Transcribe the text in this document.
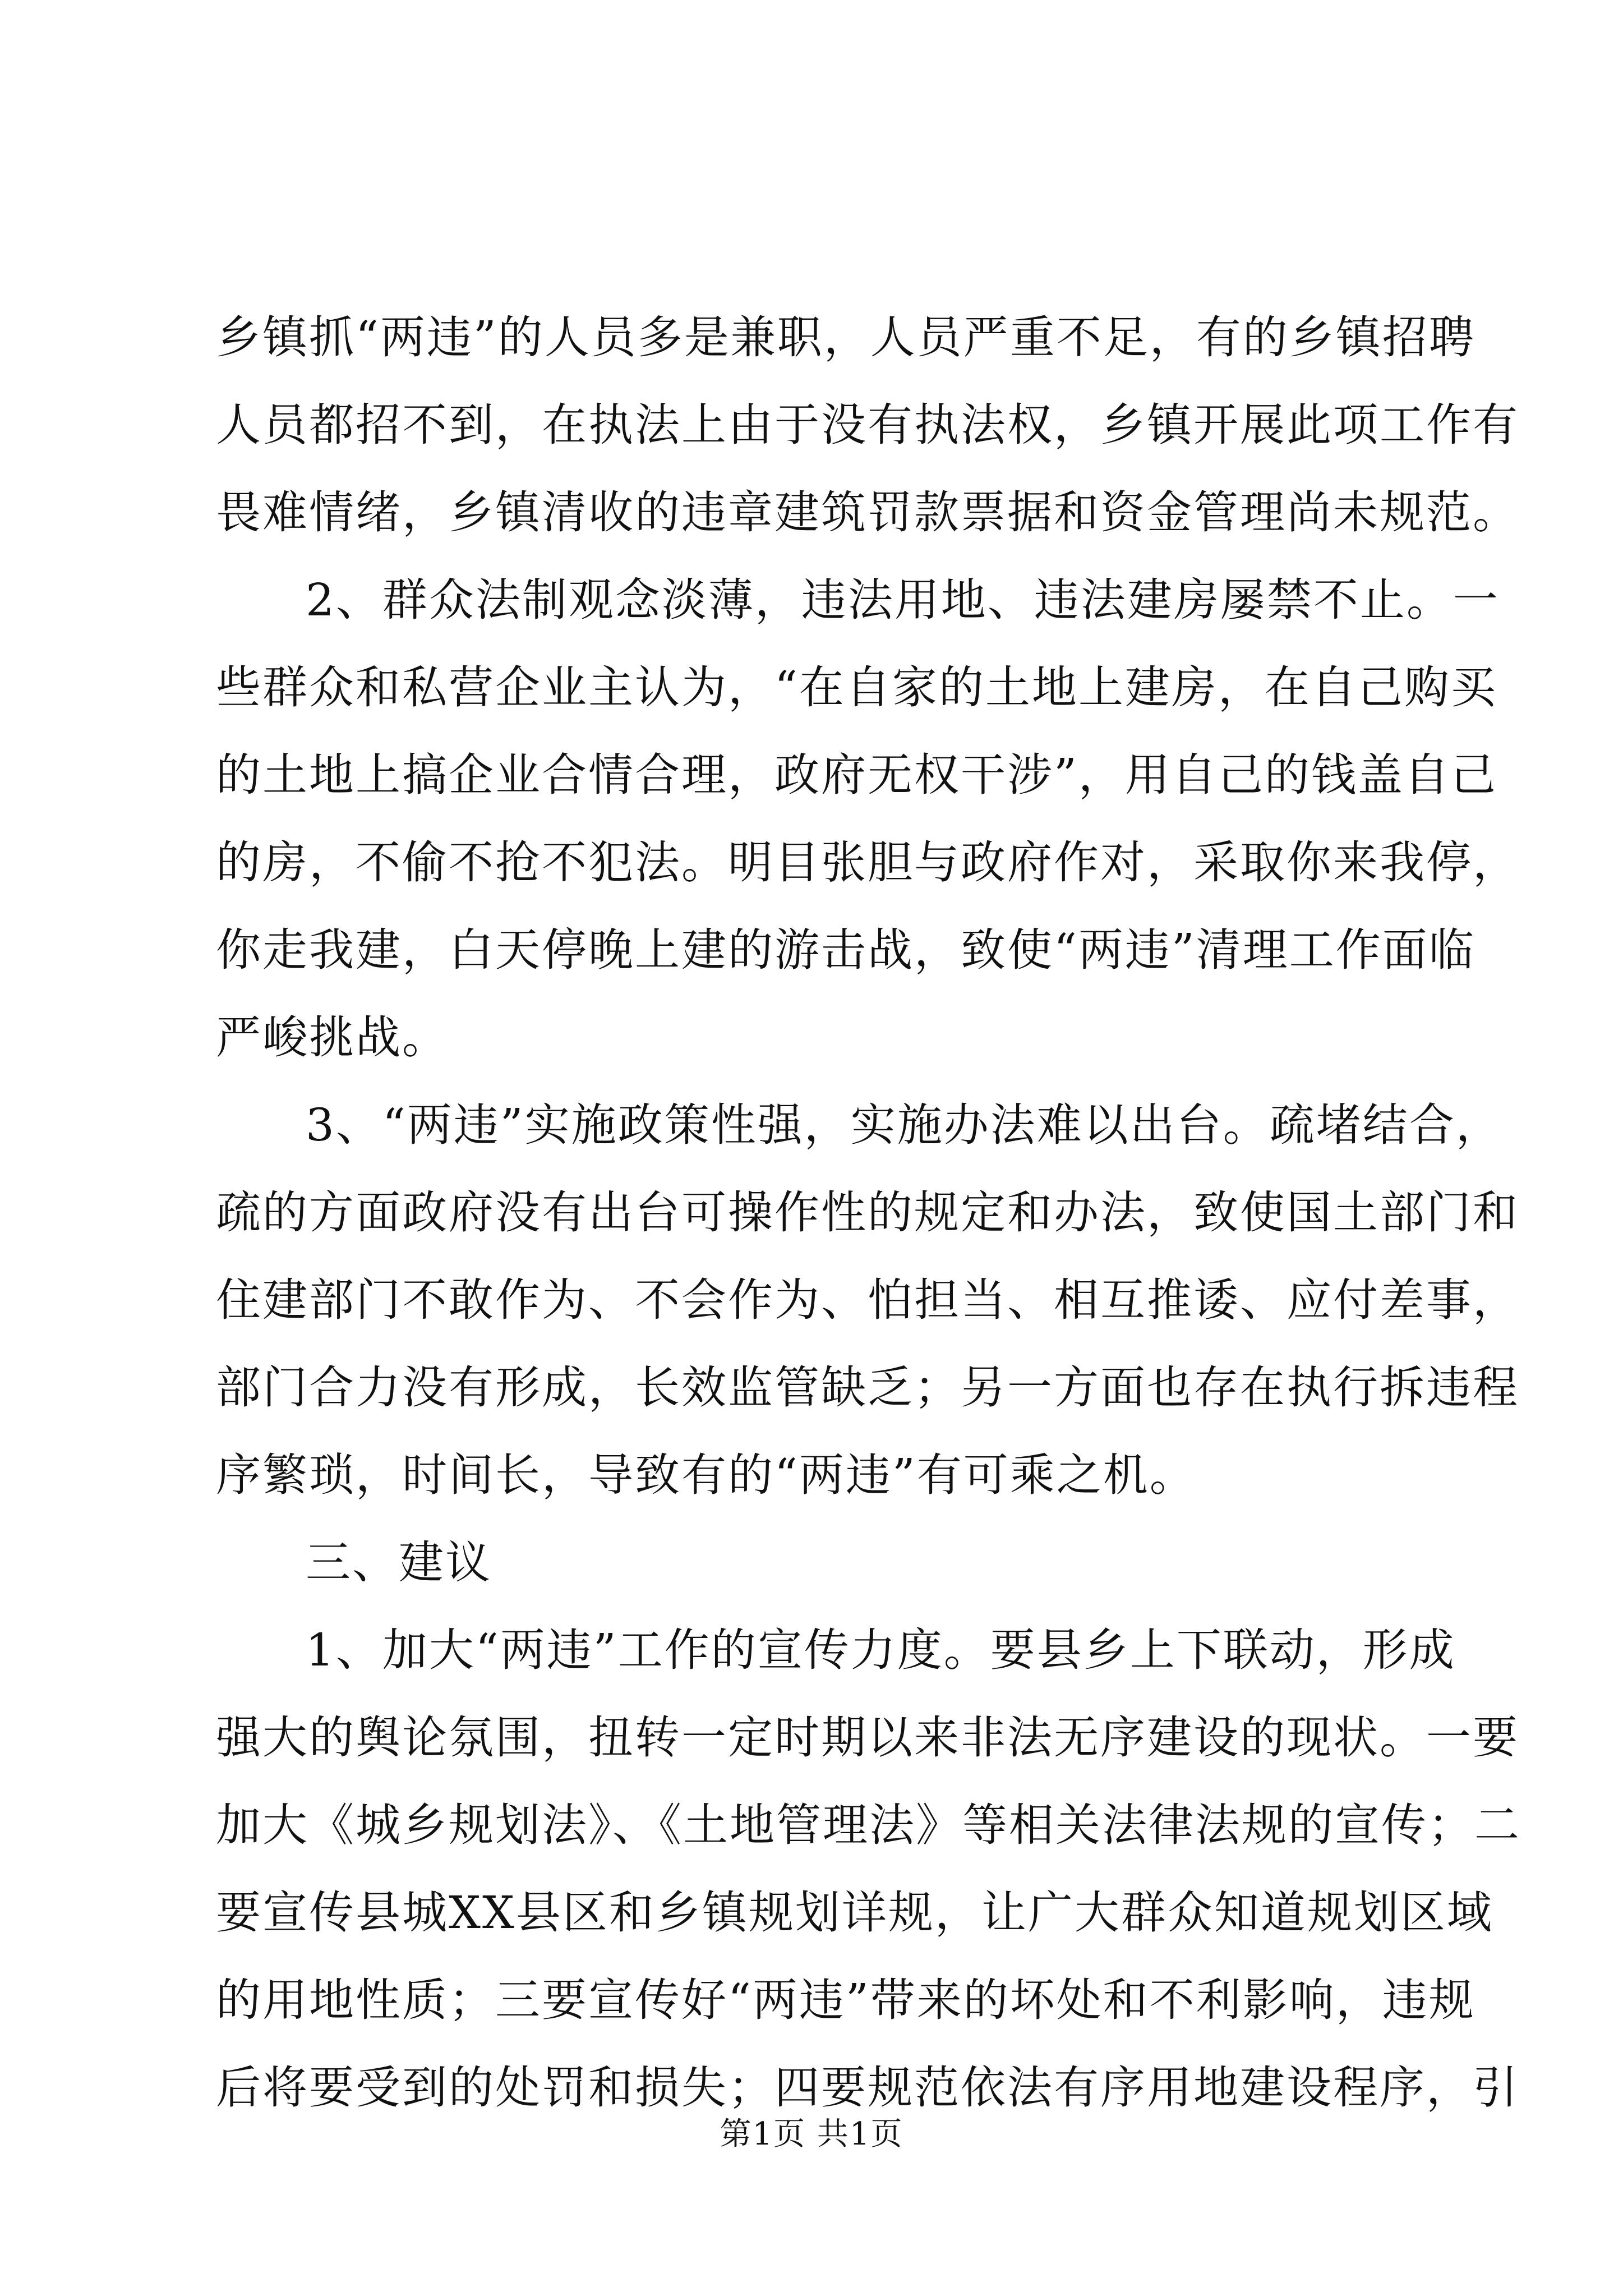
乡镇抓“两违”的人员多是兼职，人员严重不足，有的乡镇招聘
人员都招不到，在执法上由于没有执法权，乡镇开展此项工作有
畏难情绪，乡镇清收的违章建筑罚款票据和资金管理尚未规范。
2、群众法制观念淡薄，违法用地、违法建房屡禁不止。一
些群众和私营企业主认为，“在自家的土地上建房，在自己购买
的土地上搞企业合情合理，政府无权干涉”，用自己的钱盖自己
的房，不偷不抢不犯法。明目张胆与政府作对，采取你来我停，
你走我建，白天停晚上建的游击战，致使“两违”清理工作面临
严峻挑战。
3、“两违”实施政策性强，实施办法难以出台。疏堵结合，
疏的方面政府没有出台可操作性的规定和办法，致使国土部门和
住建部门不敢作为、不会作为、怕担当、相互推诿、应付差事，
部门合力没有形成，长效监管缺乏；另一方面也存在执行拆违程
序繁琐，时间长，导致有的“两违”有可乘之机。
三、建议
1、加大“两违”工作的宣传力度。要县乡上下联动，形成
强大的舆论氛围，扭转一定时期以来非法无序建设的现状。一要
加大《城乡规划法》、《土地管理法》等相关法律法规的宣传；二
要宣传县城XX县区和乡镇规划详规，让广大群众知道规划区域
的用地性质；三要宣传好“两违”带来的坏处和不利影响，违规
后将要受到的处罚和损失；四要规范依法有序用地建设程序，引
第1页 共1页
